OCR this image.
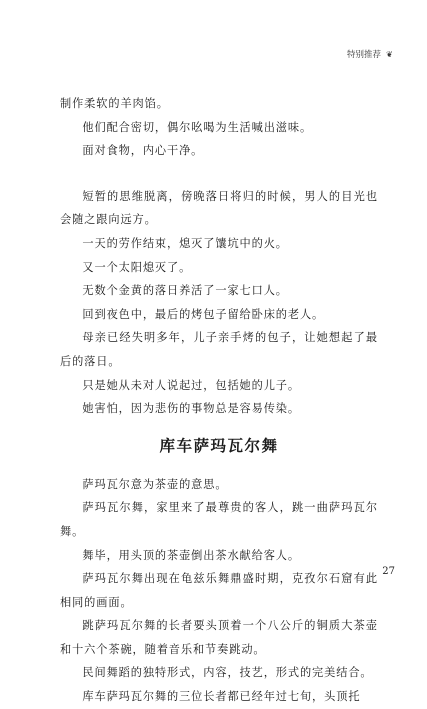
特别推荐 ❦

制作柔软的羊肉馅。

他们配合密切，偶尔吆喝为生活喊出滋味。

面对食物，内心干净。

短暂的思维脱离，傍晚落日将归的时候，男人的目光也会随之跟向远方。

一天的劳作结束，熄灭了馕坑中的火。

又一个太阳熄灭了。

无数个金黄的落日养活了一家七口人。

回到夜色中，最后的烤包子留给卧床的老人。

母亲已经失明多年，儿子亲手烤的包子，让她想起了最后的落日。

只是她从未对人说起过，包括她的儿子。

她害怕，因为悲伤的事物总是容易传染。

库车萨玛瓦尔舞

萨玛瓦尔意为茶壶的意思。

萨玛瓦尔舞，家里来了最尊贵的客人，跳一曲萨玛瓦尔舞。

舞毕，用头顶的茶壶倒出茶水献给客人。

萨玛瓦尔舞出现在龟兹乐舞鼎盛时期，克孜尔石窟有此相同的画面。

跳萨玛瓦尔舞的长者要头顶着一个八公斤的铜质大茶壶和十六个茶碗，随着音乐和节奏跳动。

民间舞蹈的独特形式，内容，技艺，形式的完美结合。

库车萨玛瓦尔舞的三位长者都已经年过七旬，头顶托

27
